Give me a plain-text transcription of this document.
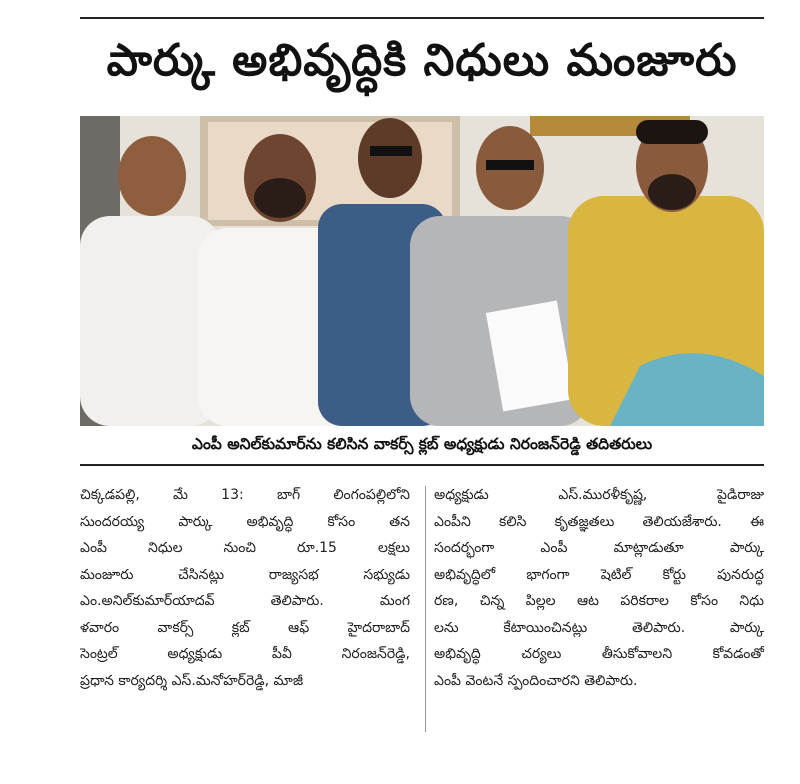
పార్కు అభివృద్ధికి నిధులు మంజూరు
ఎంపీ అనిల్‌కుమార్‌ను కలిసిన వాకర్స్ క్లబ్ అధ్యక్షుడు నిరంజన్‌రెడ్డి తదితరులు
చిక్కడపల్లి, మే 13: బాగ్ లింగంపల్లిలోని
సుందరయ్య పార్కు అభివృద్ధి కోసం తన
ఎంపీ నిధుల నుంచి రూ.15 లక్షలు
మంజూరు చేసినట్లు రాజ్యసభ సభ్యుడు
ఎం.అనిల్‌కుమార్‌యాదవ్ తెలిపారు. మంగ
ళవారం వాకర్స్ క్లబ్ ఆఫ్ హైదరాబాద్
సెంట్రల్ అధ్యక్షుడు పీవీ నిరంజన్‌రెడ్డి,
ప్రధాన కార్యదర్శి ఎస్.మనోహర్‌రెడ్డి, మాజీ
అధ్యక్షుడు ఎస్.మురళీకృష్ణ, పైడిరాజు
ఎంపీని కలిసి కృతజ్ఞతలు తెలియజేశారు. ఈ
సందర్భంగా ఎంపీ మాట్లాడుతూ పార్కు
అభివృద్ధిలో భాగంగా షెటిల్ కోర్టు పునరుద్ధ
రణ, చిన్న పిల్లల ఆట పరికరాల కోసం నిధు
లను కేటాయించినట్లు తెలిపారు. పార్కు
అభివృద్ధి చర్యలు తీసుకోవాలని కోవడంతో
ఎంపీ వెంటనే స్పందించారని తెలిపారు.
